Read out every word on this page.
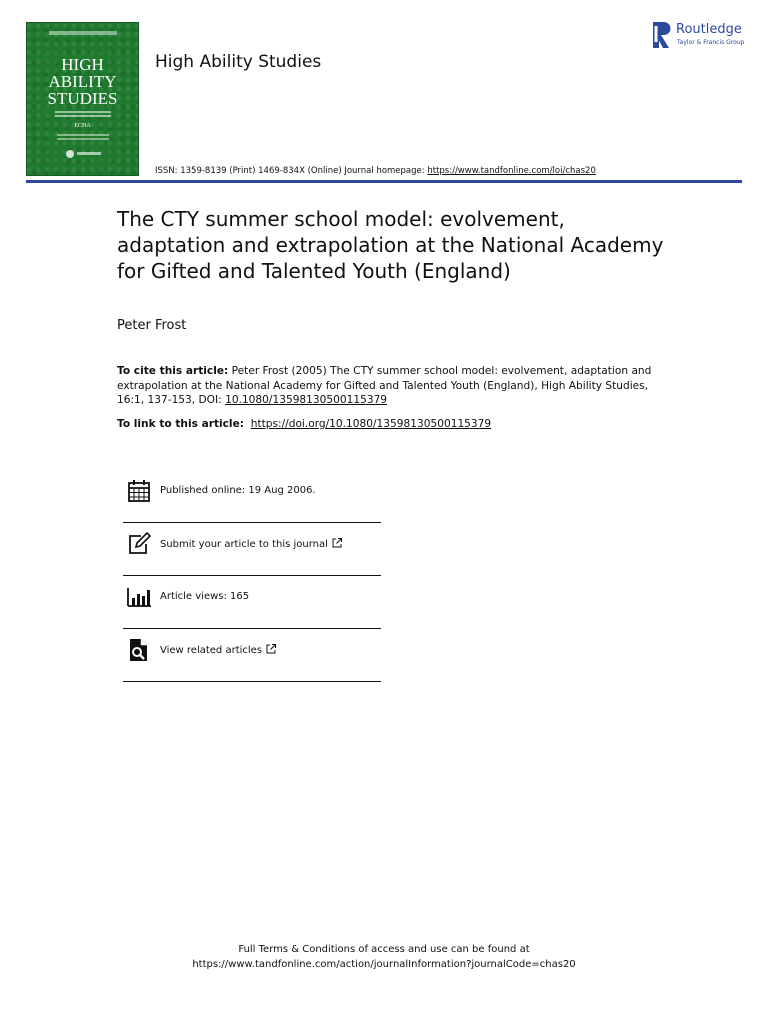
HIGH
ABILITY
STUDIES
ECHA
High Ability Studies
Routledge
Taylor & Francis Group
ISSN: 1359-8139 (Print) 1469-834X (Online) Journal homepage: https://www.tandfonline.com/loi/chas20
The CTY summer school model: evolvement, adaptation and extrapolation at the National Academy for Gifted and Talented Youth (England)
Peter Frost
To cite this article: Peter Frost (2005) The CTY summer school model: evolvement, adaptation and extrapolation at the National Academy for Gifted and Talented Youth (England), High Ability Studies, 16:1, 137-153, DOI: 10.1080/13598130500115379
To link to this article: https://doi.org/10.1080/13598130500115379
Published online: 19 Aug 2006.
Submit your article to this journal
Article views: 165
View related articles
Full Terms & Conditions of access and use can be found at
https://www.tandfonline.com/action/journalInformation?journalCode=chas20
